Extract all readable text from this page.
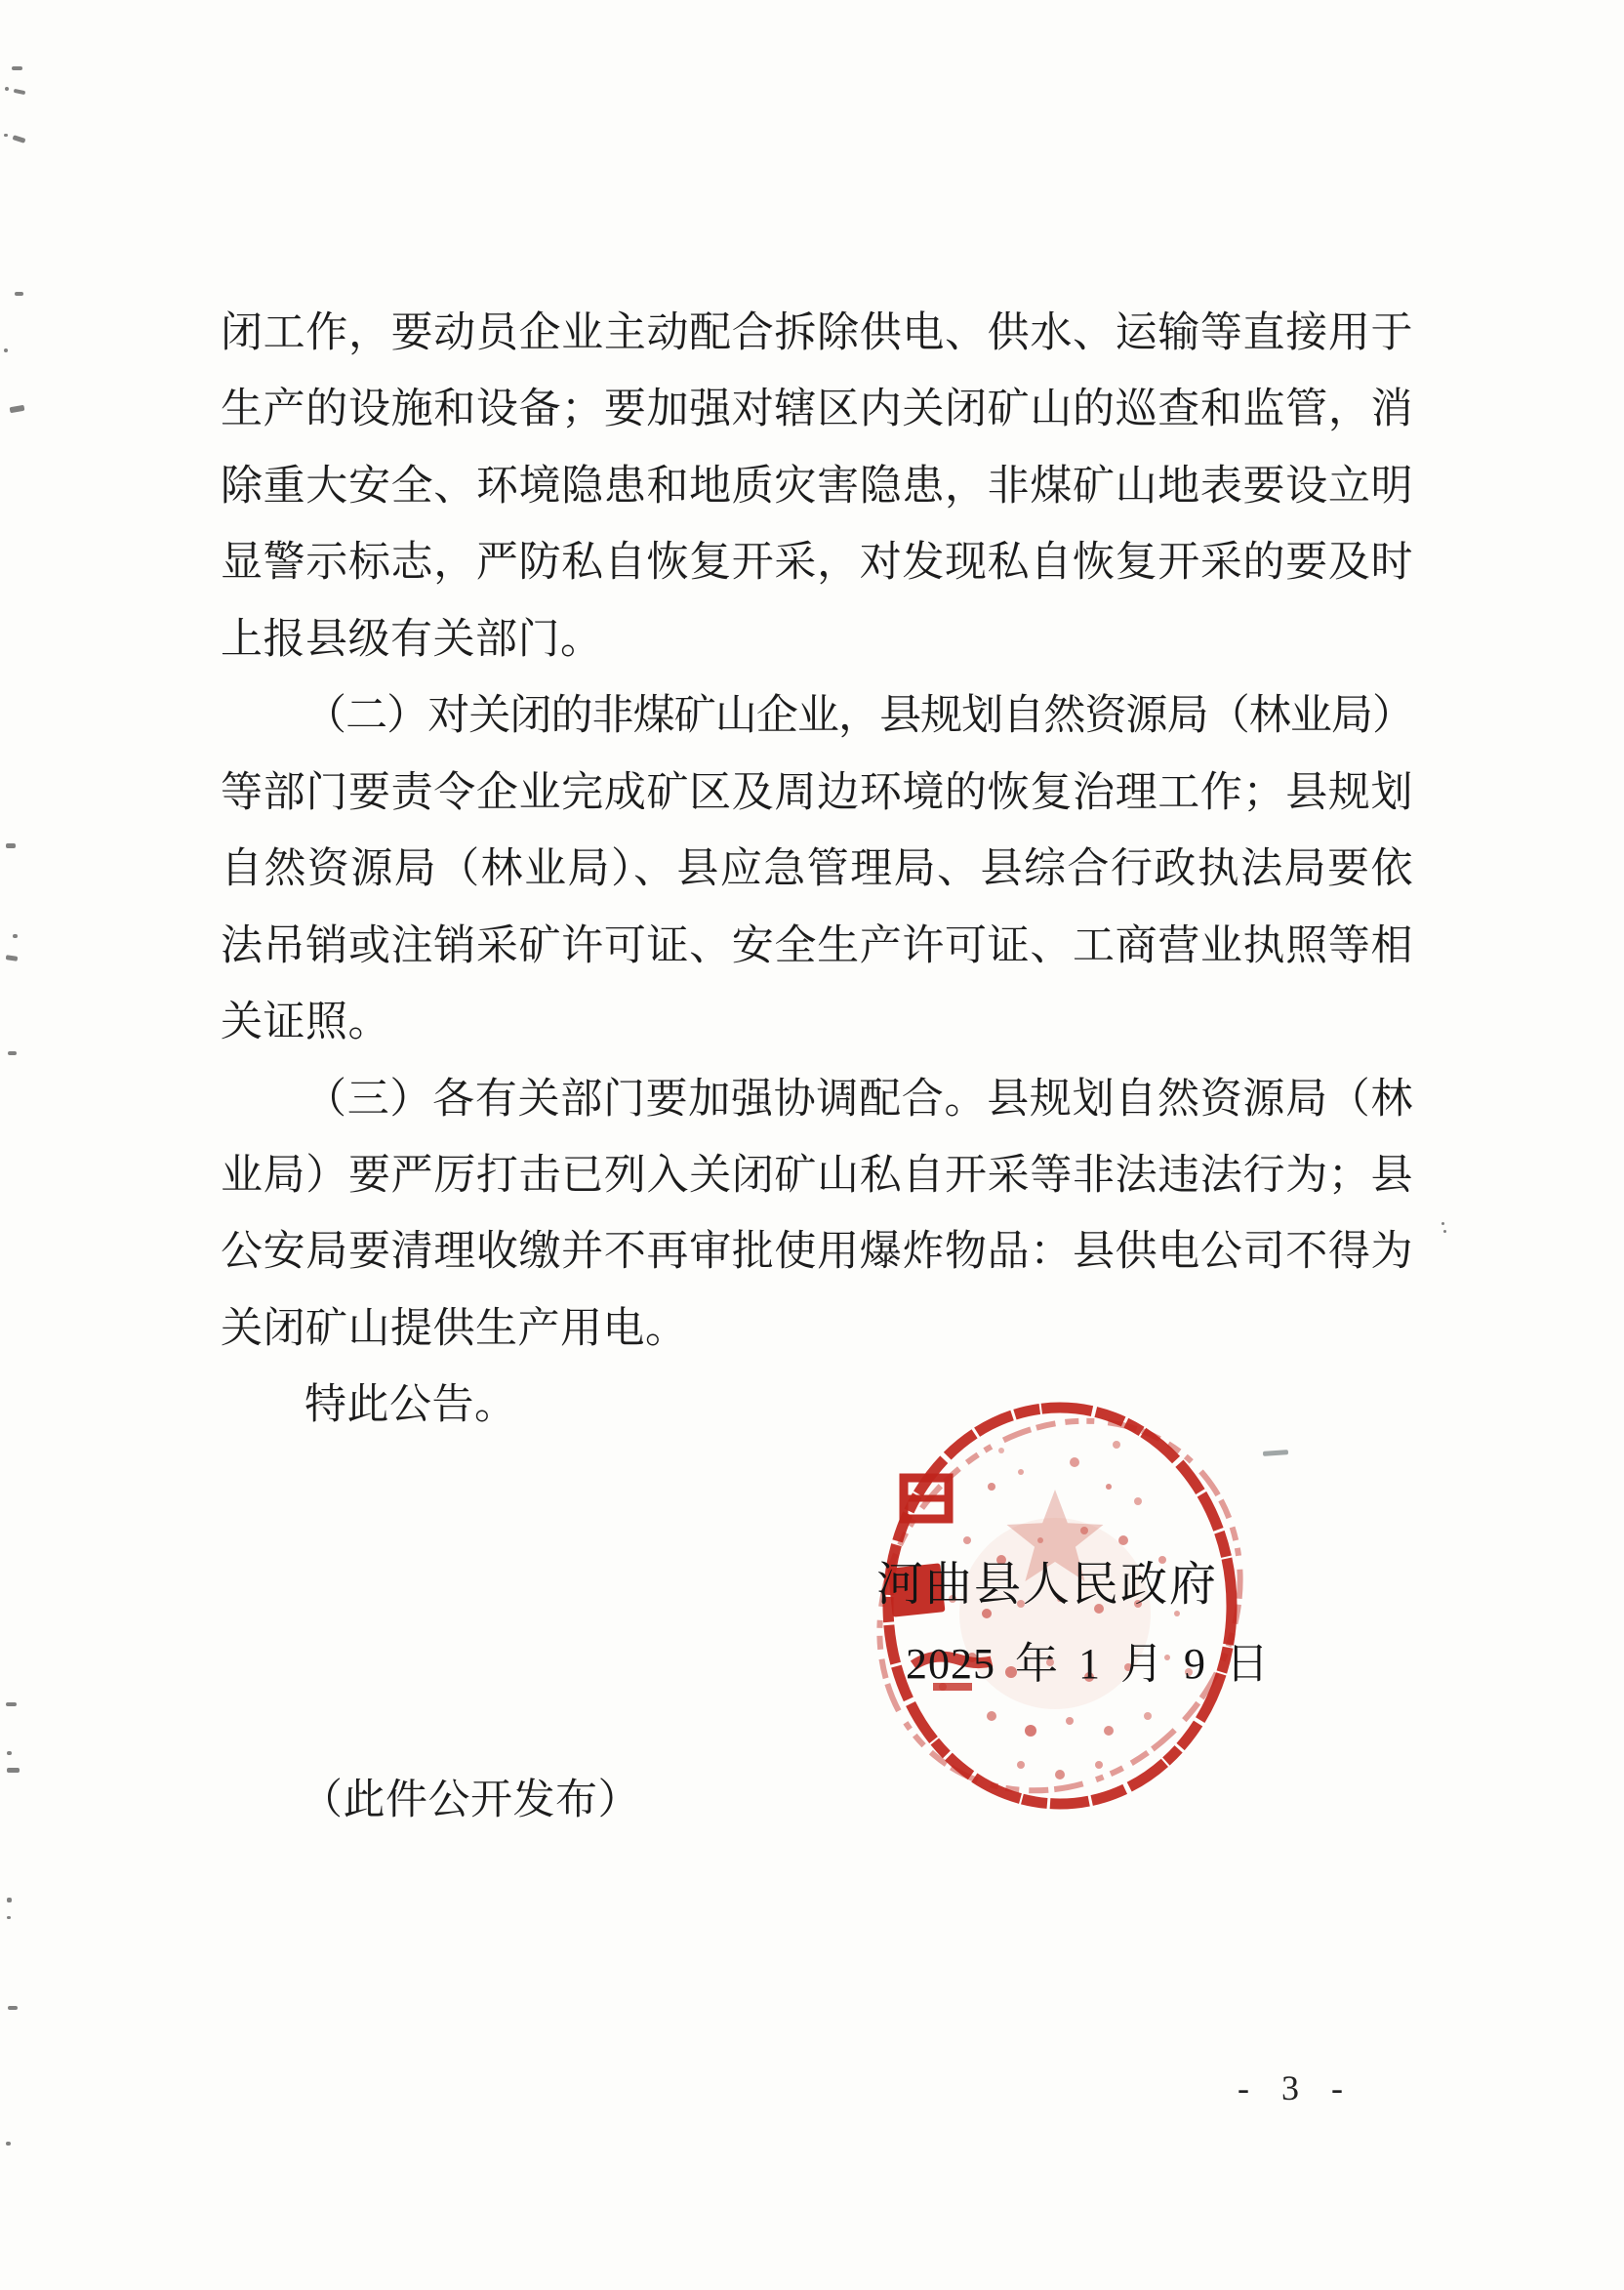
闭工作，要动员企业主动配合拆除供电、供水、运输等直接用于
生产的设施和设备；要加强对辖区内关闭矿山的巡查和监管，消
除重大安全、环境隐患和地质灾害隐患，非煤矿山地表要设立明
显警示标志，严防私自恢复开采，对发现私自恢复开采的要及时
上报县级有关部门。
（二）对关闭的非煤矿山企业，县规划自然资源局（林业局）
等部门要责令企业完成矿区及周边环境的恢复治理工作；县规划
自然资源局（林业局）、县应急管理局、县综合行政执法局要依
法吊销或注销采矿许可证、安全生产许可证、工商营业执照等相
关证照。
（三）各有关部门要加强协调配合。县规划自然资源局（林
业局）要严厉打击已列入关闭矿山私自开采等非法违法行为；县
公安局要清理收缴并不再审批使用爆炸物品：县供电公司不得为
关闭矿山提供生产用电。
特此公告。
河曲县人民政府
2025 年 1 月 9 日
（此件公开发布）
- 3 -
